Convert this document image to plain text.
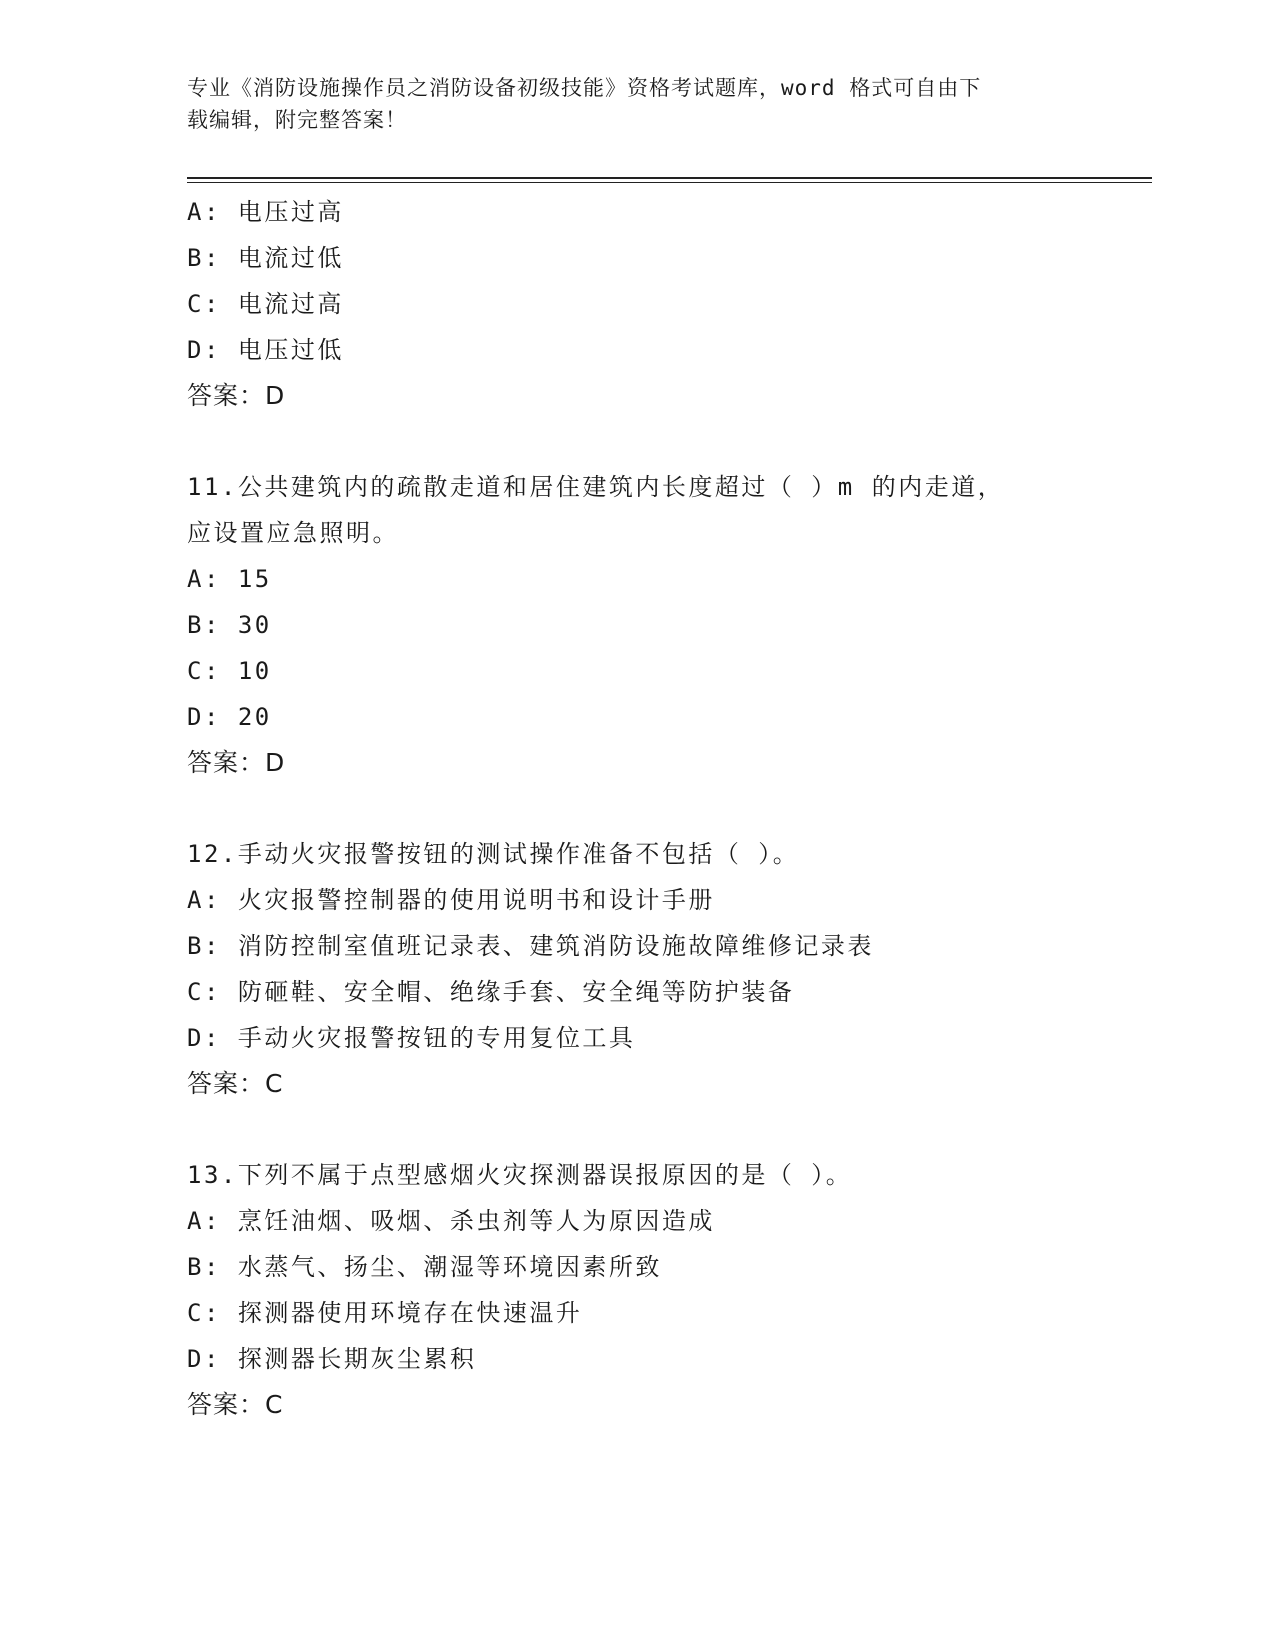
专业《消防设施操作员之消防设备初级技能》资格考试题库，word 格式可自由下
载编辑，附完整答案！
A: 电压过高
B: 电流过低
C: 电流过高
D: 电压过低
答案：D
11.公共建筑内的疏散走道和居住建筑内长度超过（ ）m 的内走道，
应设置应急照明。
A: 15
B: 30
C: 10
D: 20
答案：D
12.手动火灾报警按钮的测试操作准备不包括（ ）。
A: 火灾报警控制器的使用说明书和设计手册
B: 消防控制室值班记录表、建筑消防设施故障维修记录表
C: 防砸鞋、安全帽、绝缘手套、安全绳等防护装备
D: 手动火灾报警按钮的专用复位工具
答案：C
13.下列不属于点型感烟火灾探测器误报原因的是（ ）。
A: 烹饪油烟、吸烟、杀虫剂等人为原因造成
B: 水蒸气、扬尘、潮湿等环境因素所致
C: 探测器使用环境存在快速温升
D: 探测器长期灰尘累积
答案：C
